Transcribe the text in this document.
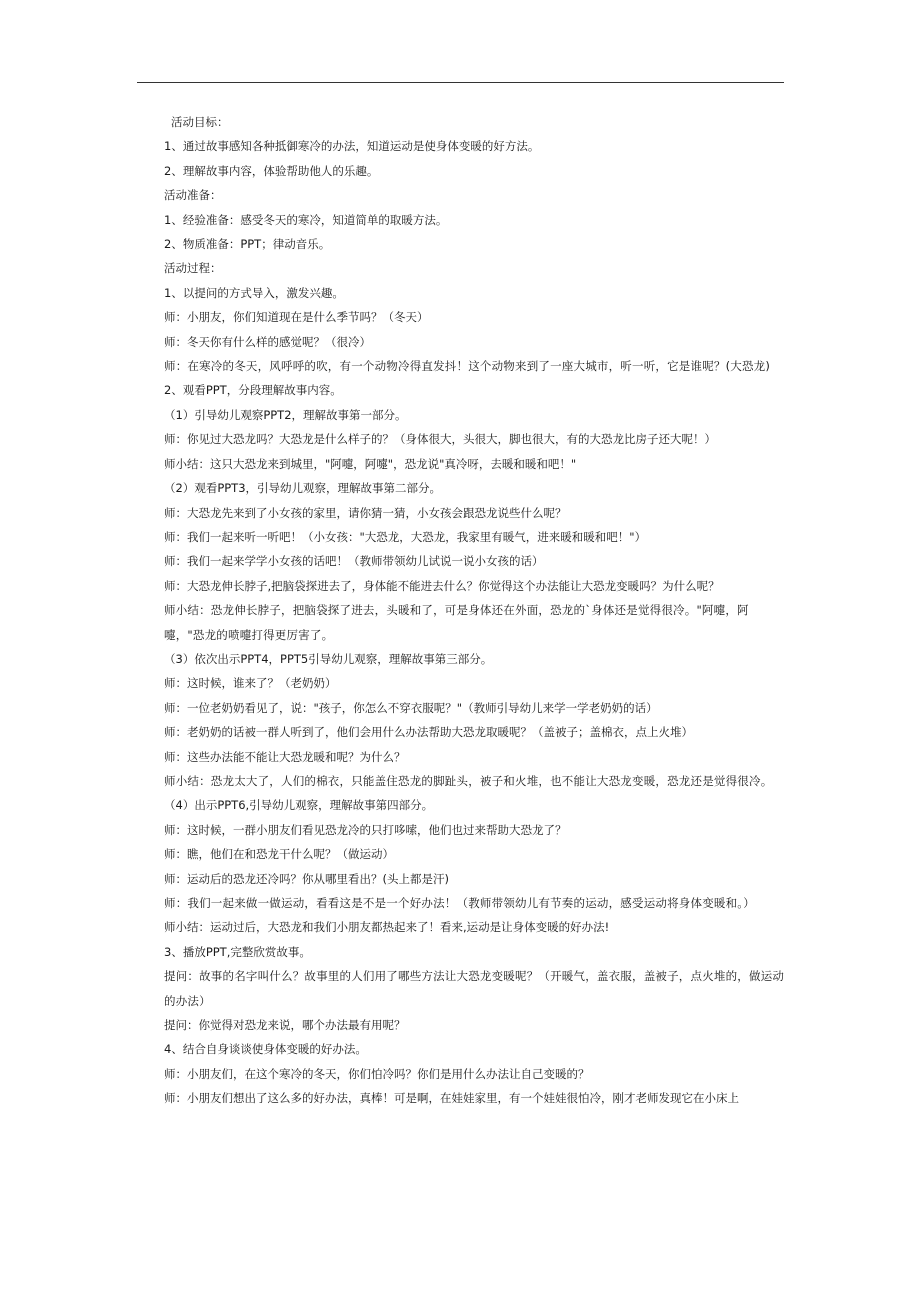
活动目标：

1、通过故事感知各种抵御寒冷的办法，知道运动是使身体变暖的好方法。

2、理解故事内容，体验帮助他人的乐趣。

活动准备：

1、经验准备：感受冬天的寒冷，知道简单的取暖方法。

2、物质准备：PPT；律动音乐。

活动过程：

1、以提问的方式导入，激发兴趣。

师：小朋友，你们知道现在是什么季节吗？（冬天）

师：冬天你有什么样的感觉呢？（很冷）

师：在寒冷的冬天，风呼呼的吹，有一个动物冷得直发抖！这个动物来到了一座大城市，听一听，它是谁呢？(大恐龙)

2、观看PPT，分段理解故事内容。

（1）引导幼儿观察PPT2，理解故事第一部分。

师：你见过大恐龙吗？大恐龙是什么样子的？（身体很大，头很大，脚也很大，有的大恐龙比房子还大呢！）

师小结：这只大恐龙来到城里，"阿嚏，阿嚏"，恐龙说"真冷呀，去暖和暖和吧！"

（2）观看PPT3，引导幼儿观察，理解故事第二部分。

师：大恐龙先来到了小女孩的家里，请你猜一猜，小女孩会跟恐龙说些什么呢？

师：我们一起来听一听吧！（小女孩："大恐龙，大恐龙，我家里有暖气，进来暖和暖和吧！"）

师：我们一起来学学小女孩的话吧！（教师带领幼儿试说一说小女孩的话）

师：大恐龙伸长脖子,把脑袋探进去了，身体能不能进去什么？你觉得这个办法能让大恐龙变暖吗？为什么呢？

师小结：恐龙伸长脖子，把脑袋探了进去，头暖和了，可是身体还在外面，恐龙的`身体还是觉得很冷。"阿嚏，阿嚏，"恐龙的喷嚏打得更厉害了。

（3）依次出示PPT4，PPT5引导幼儿观察，理解故事第三部分。

师：这时候，谁来了？（老奶奶）

师：一位老奶奶看见了，说："孩子，你怎么不穿衣服呢？"（教师引导幼儿来学一学老奶奶的话）

师：老奶奶的话被一群人听到了，他们会用什么办法帮助大恐龙取暖呢？（盖被子；盖棉衣，点上火堆）

师：这些办法能不能让大恐龙暖和呢？为什么？

师小结：恐龙太大了，人们的棉衣，只能盖住恐龙的脚趾头，被子和火堆，也不能让大恐龙变暖，恐龙还是觉得很冷。

（4）出示PPT6,引导幼儿观察，理解故事第四部分。

师：这时候，一群小朋友们看见恐龙冷的只打哆嗦，他们也过来帮助大恐龙了？

师：瞧，他们在和恐龙干什么呢？（做运动）

师：运动后的恐龙还冷吗？你从哪里看出？(头上都是汗)

师：我们一起来做一做运动，看看这是不是一个好办法！（教师带领幼儿有节奏的运动，感受运动将身体变暖和。）

师小结：运动过后，大恐龙和我们小朋友都热起来了！看来,运动是让身体变暖的好办法!

3、播放PPT,完整欣赏故事。

提问：故事的名字叫什么？故事里的人们用了哪些方法让大恐龙变暖呢？（开暖气，盖衣服，盖被子，点火堆的，做运动的办法）

提问：你觉得对恐龙来说，哪个办法最有用呢？

4、结合自身谈谈使身体变暖的好办法。

师：小朋友们，在这个寒冷的冬天，你们怕冷吗？你们是用什么办法让自己变暖的？

师：小朋友们想出了这么多的好办法，真棒！可是啊，在娃娃家里，有一个娃娃很怕冷，刚才老师发现它在小床上
